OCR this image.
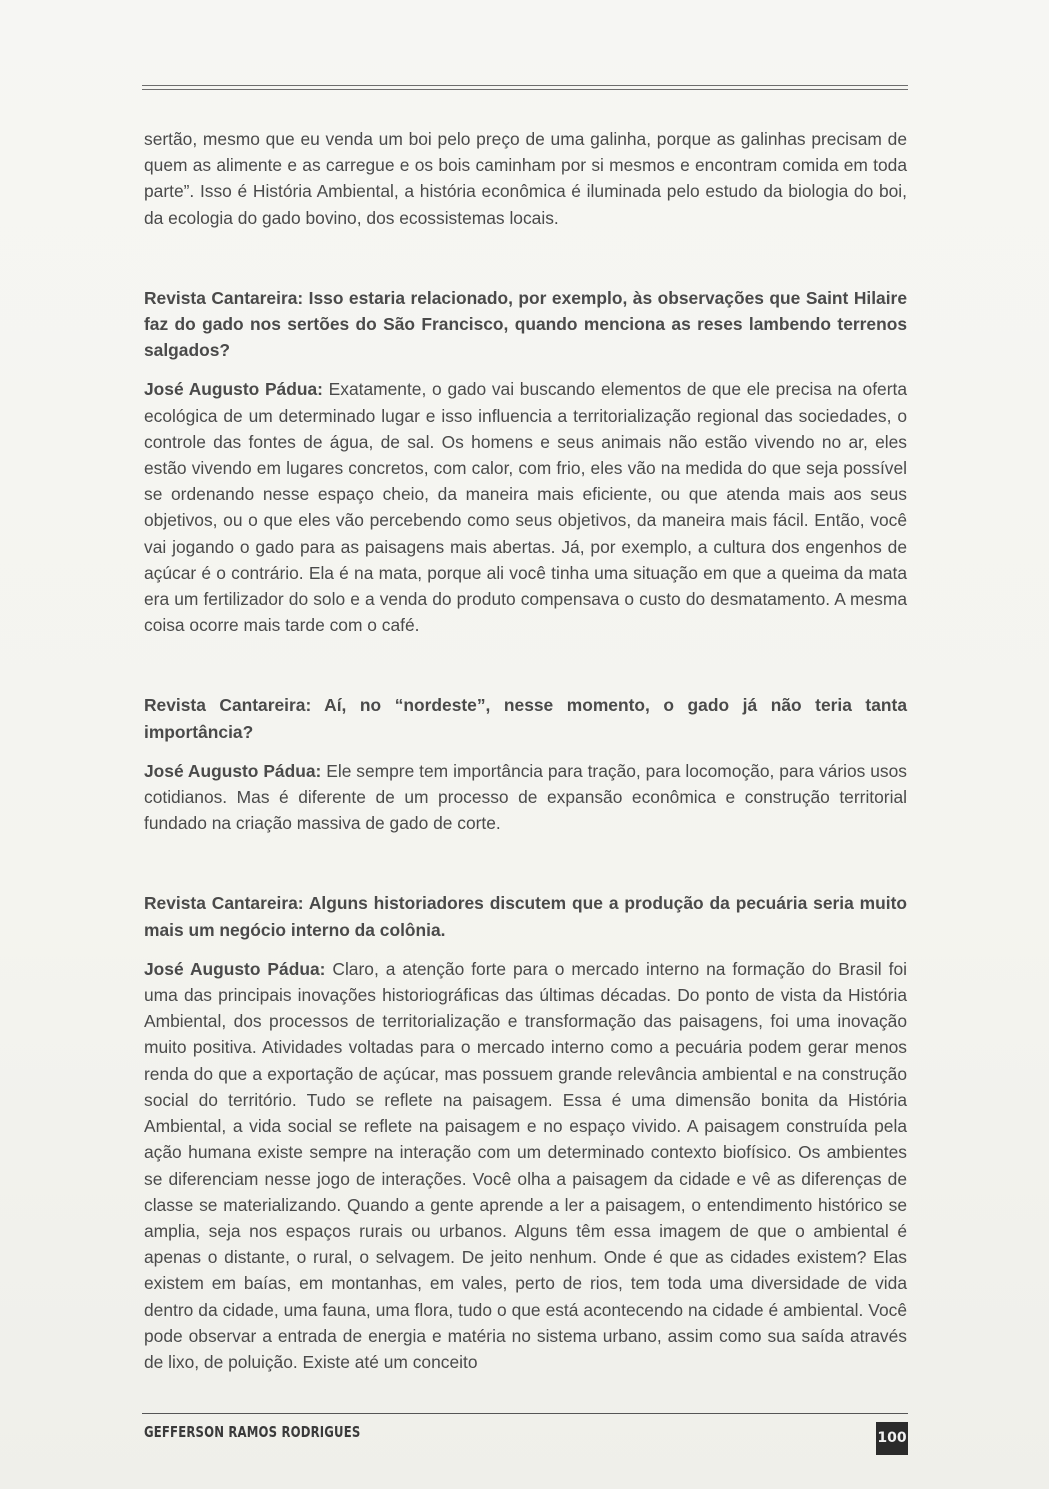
sertão, mesmo que eu venda um boi pelo preço de uma galinha, porque as galinhas precisam de quem as alimente e as carregue e os bois caminham por si mesmos e encontram comida em toda parte”. Isso é História Ambiental, a história econômica é iluminada pelo estudo da biologia do boi, da ecologia do gado bovino, dos ecossistemas locais.

Revista Cantareira: Isso estaria relacionado, por exemplo, às observações que Saint Hilaire faz do gado nos sertões do São Francisco, quando menciona as reses lambendo terrenos salgados?

José Augusto Pádua: Exatamente, o gado vai buscando elementos de que ele precisa na oferta ecológica de um determinado lugar e isso influencia a territorialização regional das sociedades, o controle das fontes de água, de sal. Os homens e seus animais não estão vivendo no ar, eles estão vivendo em lugares concretos, com calor, com frio, eles vão na medida do que seja possível se ordenando nesse espaço cheio, da maneira mais eficiente, ou que atenda mais aos seus objetivos, ou o que eles vão percebendo como seus objetivos, da maneira mais fácil. Então, você vai jogando o gado para as paisagens mais abertas. Já, por exemplo, a cultura dos engenhos de açúcar é o contrário. Ela é na mata, porque ali você tinha uma situação em que a queima da mata era um fertilizador do solo e a venda do produto compensava o custo do desmatamento. A mesma coisa ocorre mais tarde com o café.

Revista Cantareira: Aí, no “nordeste”, nesse momento, o gado já não teria tanta importância?

José Augusto Pádua: Ele sempre tem importância para tração, para locomoção, para vários usos cotidianos. Mas é diferente de um processo de expansão econômica e construção territorial fundado na criação massiva de gado de corte.

Revista Cantareira: Alguns historiadores discutem que a produção da pecuária seria muito mais um negócio interno da colônia.

José Augusto Pádua: Claro, a atenção forte para o mercado interno na formação do Brasil foi uma das principais inovações historiográficas das últimas décadas. Do ponto de vista da História Ambiental, dos processos de territorialização e transformação das paisagens, foi uma inovação muito positiva. Atividades voltadas para o mercado interno como a pecuária podem gerar menos renda do que a exportação de açúcar, mas possuem grande relevância ambiental e na construção social do território. Tudo se reflete na paisagem. Essa é uma dimensão bonita da História Ambiental, a vida social se reflete na paisagem e no espaço vivido. A paisagem construída pela ação humana existe sempre na interação com um determinado contexto biofísico. Os ambientes se diferenciam nesse jogo de interações. Você olha a paisagem da cidade e vê as diferenças de classe se materializando. Quando a gente aprende a ler a paisagem, o entendimento histórico se amplia, seja nos espaços rurais ou urbanos. Alguns têm essa imagem de que o ambiental é apenas o distante, o rural, o selvagem. De jeito nenhum. Onde é que as cidades existem? Elas existem em baías, em montanhas, em vales, perto de rios, tem toda uma diversidade de vida dentro da cidade, uma fauna, uma flora, tudo o que está acontecendo na cidade é ambiental. Você pode observar a entrada de energia e matéria no sistema urbano, assim como sua saída através de lixo, de poluição. Existe até um conceito

GEFFERSON RAMOS RODRIGUES	100
